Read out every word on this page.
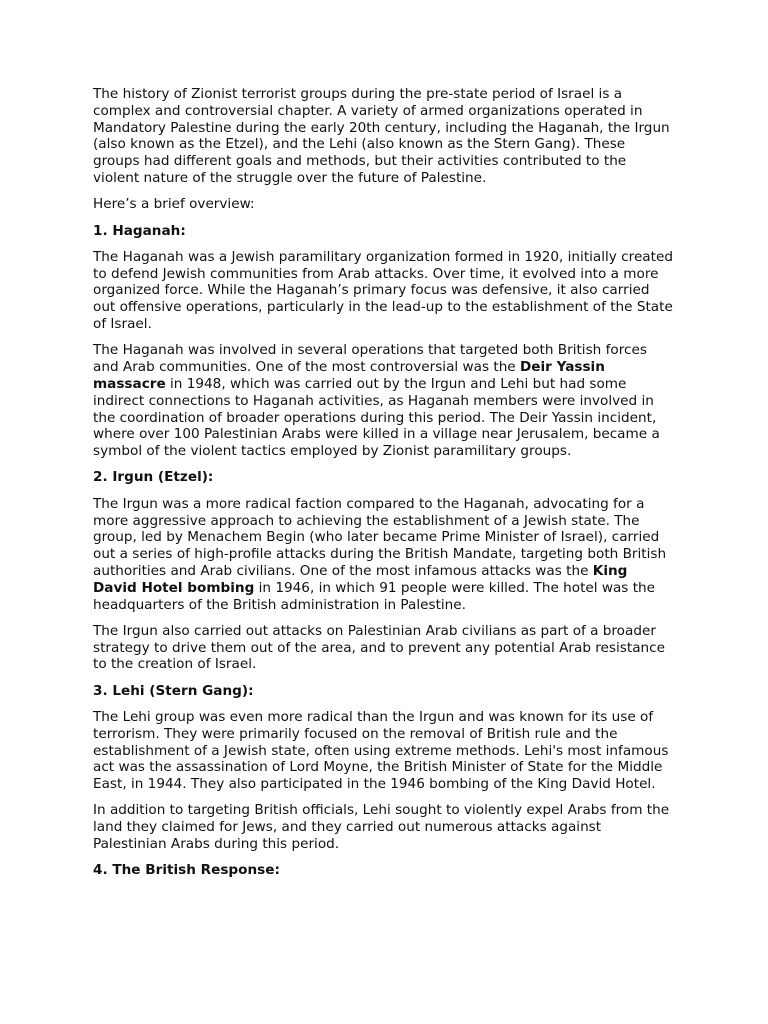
The history of Zionist terrorist groups during the pre-state period of Israel is a complex and controversial chapter. A variety of armed organizations operated in Mandatory Palestine during the early 20th century, including the Haganah, the Irgun (also known as the Etzel), and the Lehi (also known as the Stern Gang). These groups had different goals and methods, but their activities contributed to the violent nature of the struggle over the future of Palestine.

Here’s a brief overview:

1. Haganah:

The Haganah was a Jewish paramilitary organization formed in 1920, initially created to defend Jewish communities from Arab attacks. Over time, it evolved into a more organized force. While the Haganah’s primary focus was defensive, it also carried out offensive operations, particularly in the lead-up to the establishment of the State of Israel.

The Haganah was involved in several operations that targeted both British forces and Arab communities. One of the most controversial was the Deir Yassin massacre in 1948, which was carried out by the Irgun and Lehi but had some indirect connections to Haganah activities, as Haganah members were involved in the coordination of broader operations during this period. The Deir Yassin incident, where over 100 Palestinian Arabs were killed in a village near Jerusalem, became a symbol of the violent tactics employed by Zionist paramilitary groups.

2. Irgun (Etzel):

The Irgun was a more radical faction compared to the Haganah, advocating for a more aggressive approach to achieving the establishment of a Jewish state. The group, led by Menachem Begin (who later became Prime Minister of Israel), carried out a series of high-profile attacks during the British Mandate, targeting both British authorities and Arab civilians. One of the most infamous attacks was the King David Hotel bombing in 1946, in which 91 people were killed. The hotel was the headquarters of the British administration in Palestine.

The Irgun also carried out attacks on Palestinian Arab civilians as part of a broader strategy to drive them out of the area, and to prevent any potential Arab resistance to the creation of Israel.

3. Lehi (Stern Gang):

The Lehi group was even more radical than the Irgun and was known for its use of terrorism. They were primarily focused on the removal of British rule and the establishment of a Jewish state, often using extreme methods. Lehi's most infamous act was the assassination of Lord Moyne, the British Minister of State for the Middle East, in 1944. They also participated in the 1946 bombing of the King David Hotel.

In addition to targeting British officials, Lehi sought to violently expel Arabs from the land they claimed for Jews, and they carried out numerous attacks against Palestinian Arabs during this period.

4. The British Response:
